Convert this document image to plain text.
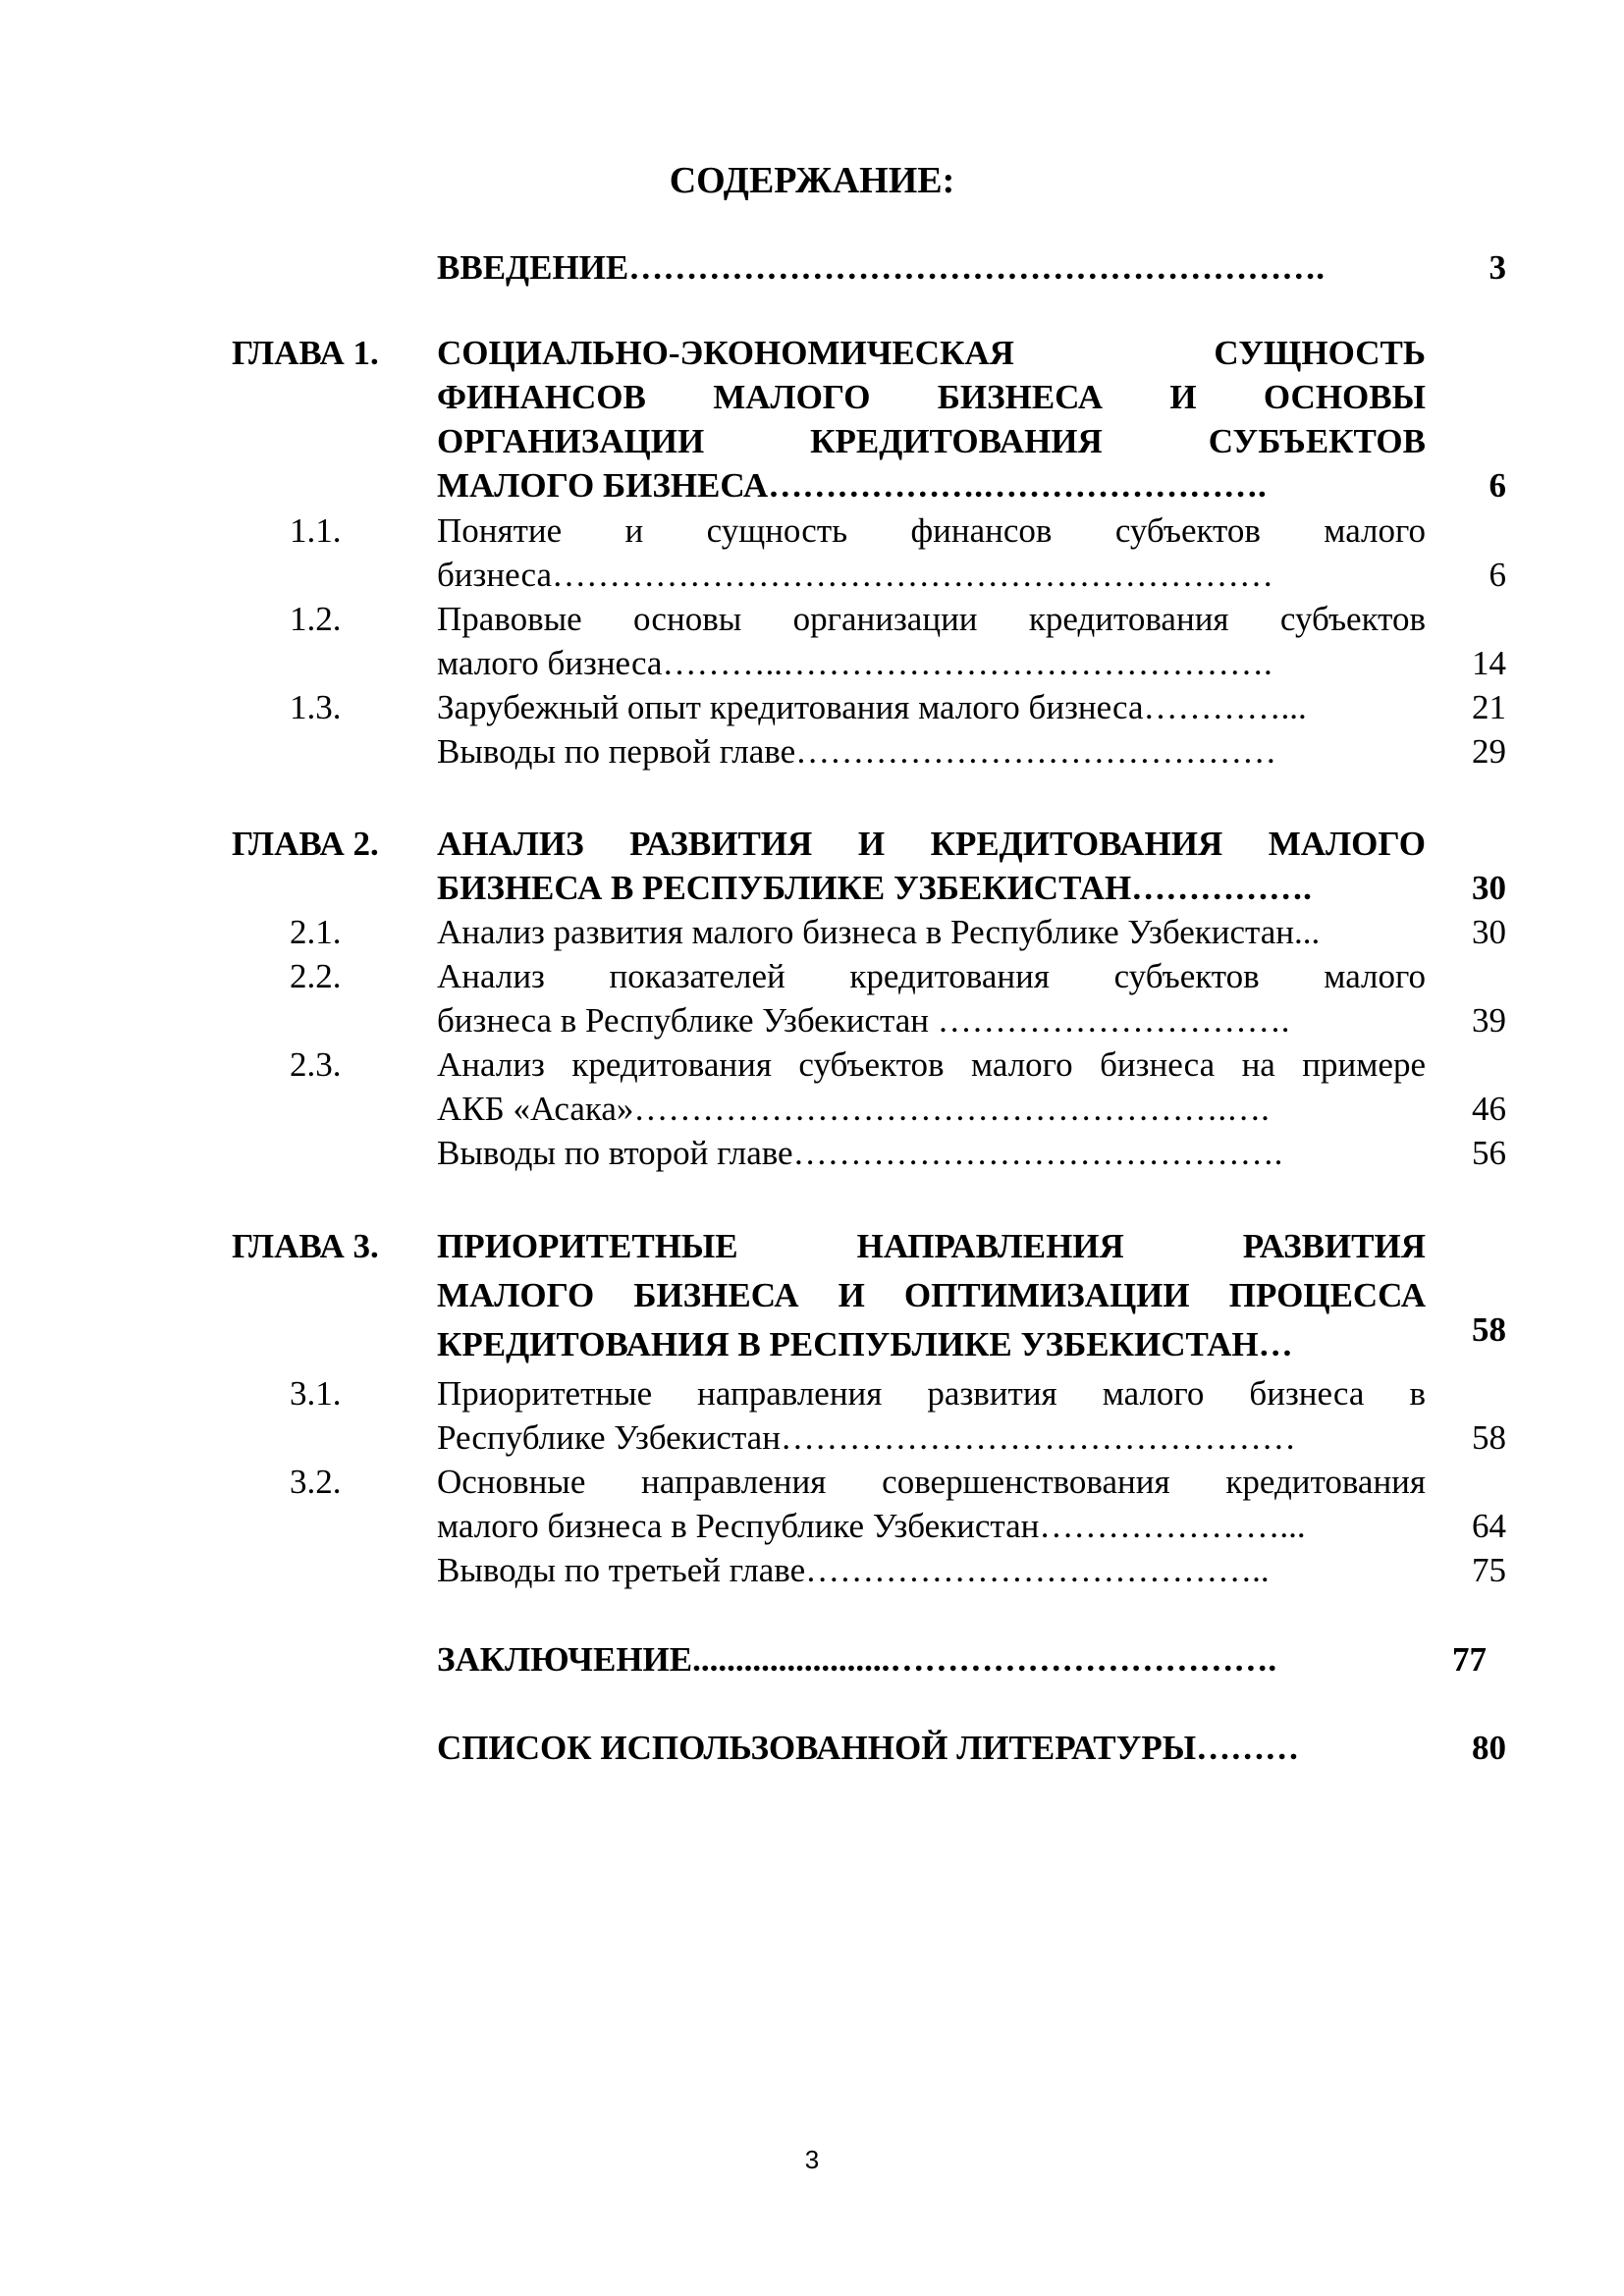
СОДЕРЖАНИЕ:
ВВЕДЕНИЕ…………………………………………………….	3
ГЛАВА 1. СОЦИАЛЬНО-ЭКОНОМИЧЕСКАЯ СУЩНОСТЬ
ФИНАНСОВ МАЛОГО БИЗНЕСА И ОСНОВЫ
ОРГАНИЗАЦИИ КРЕДИТОВАНИЯ СУБЪЕКТОВ
МАЛОГО БИЗНЕСА……………….…………………….	6
1.1.	Понятие и сущность финансов субъектов малого
бизнеса………………………………………………………	6
1.2.	Правовые основы организации кредитования субъектов
малого бизнеса………..…………………………………….	14
1.3.	Зарубежный опыт кредитования малого бизнеса…………...	21
Выводы по первой главе……………………………………	29
ГЛАВА 2. АНАЛИЗ РАЗВИТИЯ И КРЕДИТОВАНИЯ МАЛОГО
БИЗНЕСА В РЕСПУБЛИКЕ УЗБЕКИСТАН…………….	30
2.1.	Анализ развития малого бизнеса в Республике Узбекистан...	30
2.2.	Анализ показателей кредитования субъектов малого
бизнеса в Республике Узбекистан ………………………….	39
2.3.	Анализ кредитования субъектов малого бизнеса на примере
АКБ «Асака»…………………………………………….….	46
Выводы по второй главе…………………………………….	56
ГЛАВА 3. ПРИОРИТЕТНЫЕ НАПРАВЛЕНИЯ РАЗВИТИЯ
МАЛОГО БИЗНЕСА И ОПТИМИЗАЦИИ ПРОЦЕССА
КРЕДИТОВАНИЯ В РЕСПУБЛИКЕ УЗБЕКИСТАН…	58
3.1.	Приоритетные направления развития малого бизнеса в
Республике Узбекистан………………………………………	58
3.2.	Основные направления совершенствования кредитования
малого бизнеса в Республике Узбекистан…………………...	64
Выводы по третьей главе…………………………………..	75
ЗАКЛЮЧЕНИЕ.......................…………………………….	77
СПИСОК ИСПОЛЬЗОВАННОЙ ЛИТЕРАТУРЫ………	80
3
